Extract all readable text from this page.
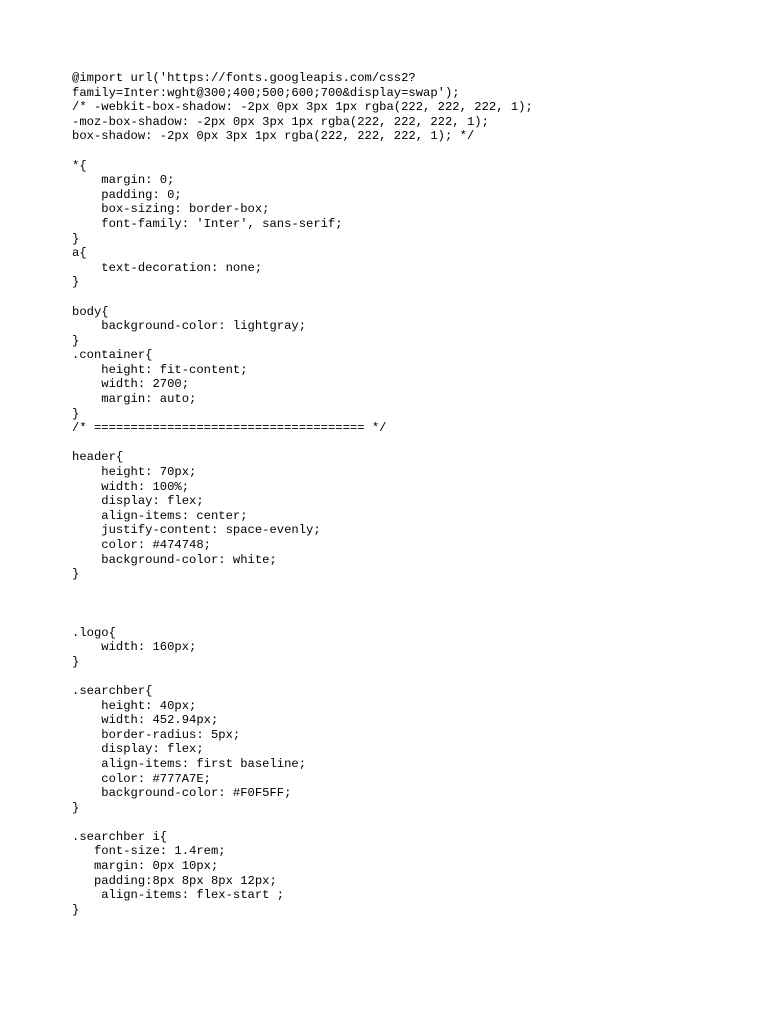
@import url('https://fonts.googleapis.com/css2?
family=Inter:wght@300;400;500;600;700&display=swap');
/* -webkit-box-shadow: -2px 0px 3px 1px rgba(222, 222, 222, 1);
-moz-box-shadow: -2px 0px 3px 1px rgba(222, 222, 222, 1);
box-shadow: -2px 0px 3px 1px rgba(222, 222, 222, 1); */

*{
margin: 0;
padding: 0;
box-sizing: border-box;
font-family: 'Inter', sans-serif;
}
a{
text-decoration: none;
}

body{
background-color: lightgray;
}
.container{
height: fit-content;
width: 2700;
margin: auto;
}
/* ===================================== */

header{
height: 70px;
width: 100%;
display: flex;
align-items: center;
justify-content: space-evenly;
color: #474748;
background-color: white;
}

.logo{
width: 160px;
}

.searchber{
height: 40px;
width: 452.94px;
border-radius: 5px;
display: flex;
align-items: first baseline;
color: #777A7E;
background-color: #F0F5FF;
}

.searchber i{
font-size: 1.4rem;
margin: 0px 10px;
padding:8px 8px 8px 12px;
align-items: flex-start ;
}
